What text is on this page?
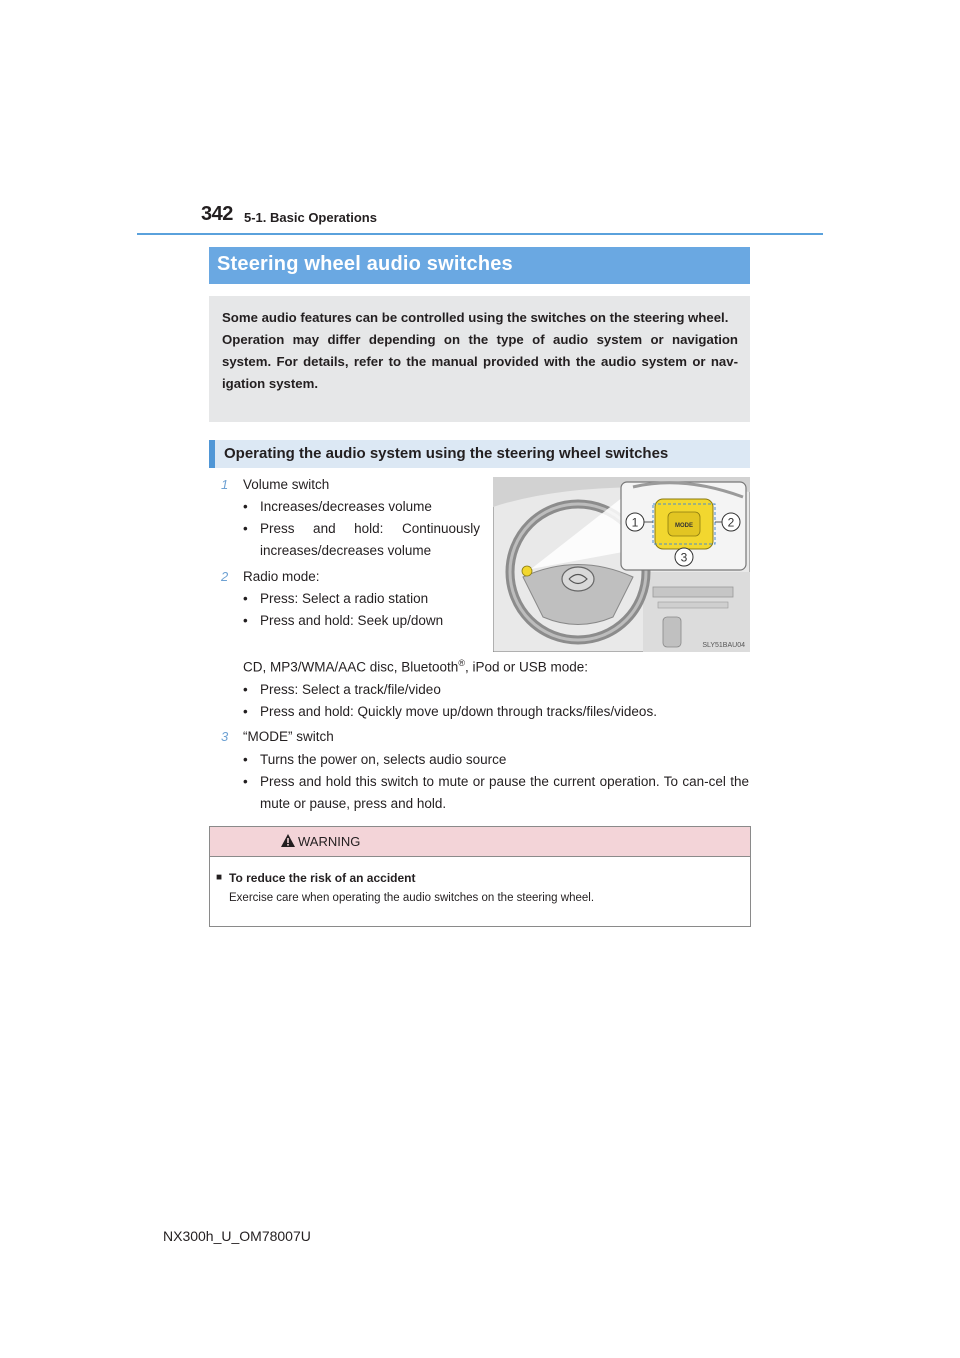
342 5-1. Basic Operations
Steering wheel audio switches

Some audio features can be controlled using the switches on the steering wheel.

Operation may differ depending on the type of audio system or navigation system. For details, refer to the manual provided with the audio system or nav-igation system.

Operating the audio system using the steering wheel switches
1 Volume switch
• Increases/decreases volume
• Press and hold: Continuously increases/decreases volume
2 Radio mode:
• Press: Select a radio station
• Press and hold: Seek up/down
CD, MP3/WMA/AAC disc, Bluetooth®, iPod or USB mode:
• Press: Select a track/file/video
• Press and hold: Quickly move up/down through tracks/files/videos.
3 “MODE” switch
• Turns the power on, selects audio source
• Press and hold this switch to mute or pause the current operation. To can-cel the mute or pause, press and hold.
MODE
1	2
3
SLY51BAU04
WARNING
■ To reduce the risk of an accident
Exercise care when operating the audio switches on the steering wheel.
NX300h_U_OM78007U
